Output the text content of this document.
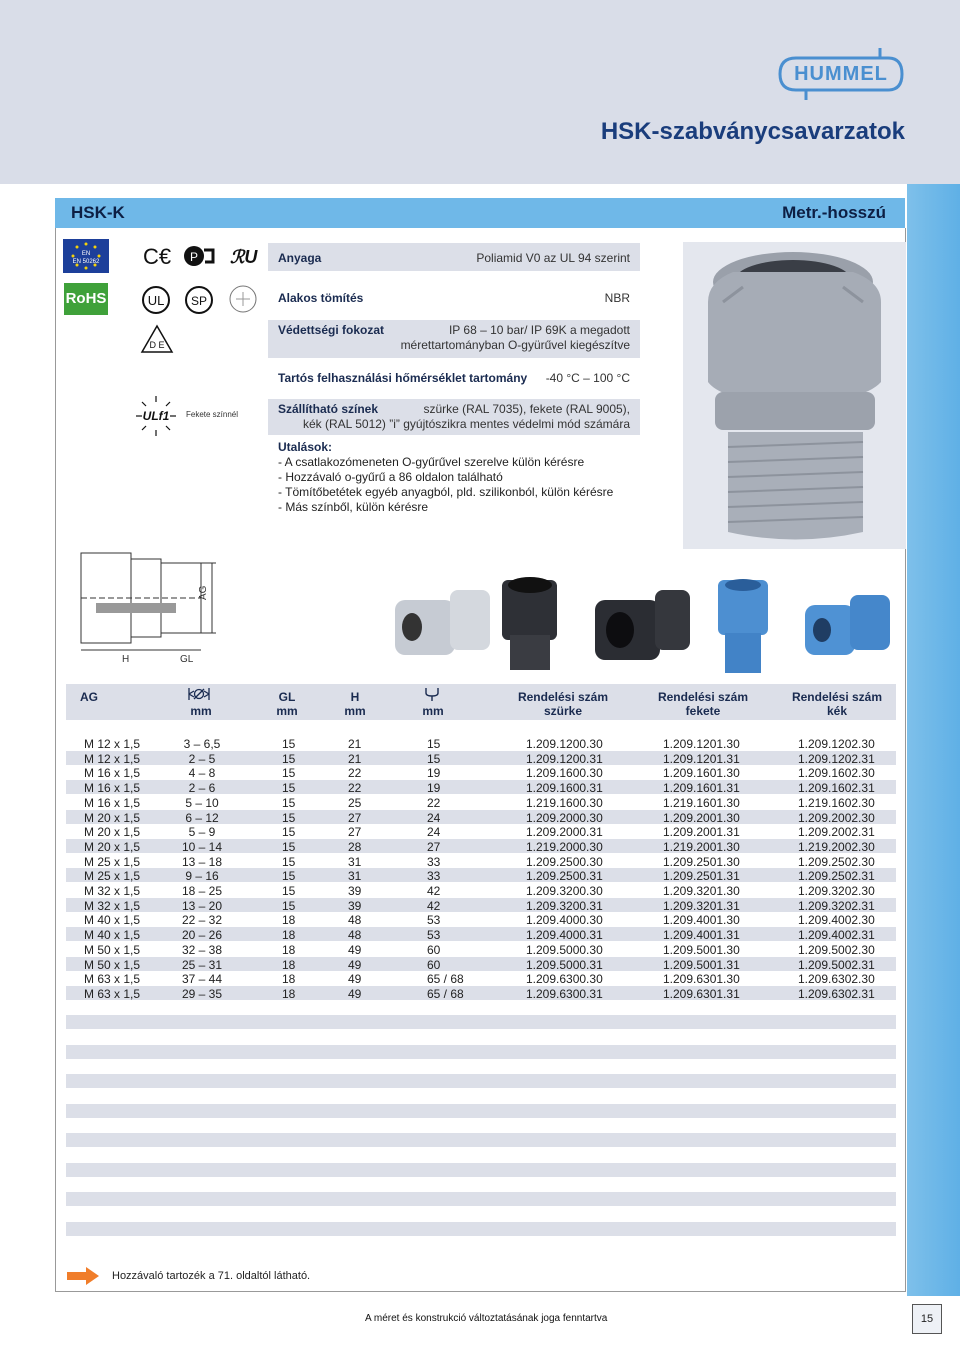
HUMMEL
HSK-szabványcsavarzatok
HSK-K	Metr.-hosszú
EN
EN 50262 C€ P ℛU
RoHS	UL SP
D E
ULf1 Fekete színnél
Anyaga	Poliamid V0 az UL 94 szerint
Alakos tömítés	NBR
Védettségi fokozat	IP 68 – 10 bar/ IP 69K a megadott
mérettartományban O-gyürűvel kiegészítve
Tartós felhasználási hőmérséklet tartomány -40 °C – 100 °C
Szállítható színek	szürke (RAL 7035), fekete (RAL 9005),
kék (RAL 5012) ”i” gyújtószikra mentes védelmi mód számára
Utalások:
- A csatlakozómeneten O-gyűrűvel szerelve külön kérésre
- Hozzávaló o-gyűrű a 86 oldalon található
- Tömítőbetétek egyéb anyagból, pld. szilikonból, külön kérésre
- Más színből, külön kérésre
AG
H	GL
AG
mm
GL
mm
H
mm	mm
Rendelési szám
szürke
Rendelési szám
fekete
Rendelési szám
kék
M 12 x 1,5	3 – 6,5	15	21	15	1.209.1200.30	1.209.1201.30	1.209.1202.30
M 12 x 1,5	2 – 5	15	21	15	1.209.1200.31	1.209.1201.31	1.209.1202.31
M 16 x 1,5	4 – 8	15	22	19	1.209.1600.30	1.209.1601.30	1.209.1602.30
M 16 x 1,5	2 – 6	15	22	19	1.209.1600.31	1.209.1601.31	1.209.1602.31
M 16 x 1,5	5 – 10	15	25	22	1.219.1600.30	1.219.1601.30	1.219.1602.30
M 20 x 1,5	6 – 12	15	27	24	1.209.2000.30	1.209.2001.30	1.209.2002.30
M 20 x 1,5	5 – 9	15	27	24	1.209.2000.31	1.209.2001.31	1.209.2002.31
M 20 x 1,5	10 – 14	15	28	27	1.219.2000.30	1.219.2001.30	1.219.2002.30
M 25 x 1,5	13 – 18	15	31	33	1.209.2500.30	1.209.2501.30	1.209.2502.30
M 25 x 1,5	9 – 16	15	31	33	1.209.2500.31	1.209.2501.31	1.209.2502.31
M 32 x 1,5	18 – 25	15	39	42	1.209.3200.30	1.209.3201.30	1.209.3202.30
M 32 x 1,5	13 – 20	15	39	42	1.209.3200.31	1.209.3201.31	1.209.3202.31
M 40 x 1,5	22 – 32	18	48	53	1.209.4000.30	1.209.4001.30	1.209.4002.30
M 40 x 1,5	20 – 26	18	48	53	1.209.4000.31	1.209.4001.31	1.209.4002.31
M 50 x 1,5	32 – 38	18	49	60	1.209.5000.30	1.209.5001.30	1.209.5002.30
M 50 x 1,5	25 – 31	18	49	60	1.209.5000.31	1.209.5001.31	1.209.5002.31
M 63 x 1,5	37 – 44	18	49	65 / 68	1.209.6300.30	1.209.6301.30	1.209.6302.30
M 63 x 1,5	29 – 35	18	49	65 / 68	1.209.6300.31	1.209.6301.31	1.209.6302.31
Hozzávaló tartozék a 71. oldaltól látható.
A méret és konstrukció változtatásának joga fenntartva	15
